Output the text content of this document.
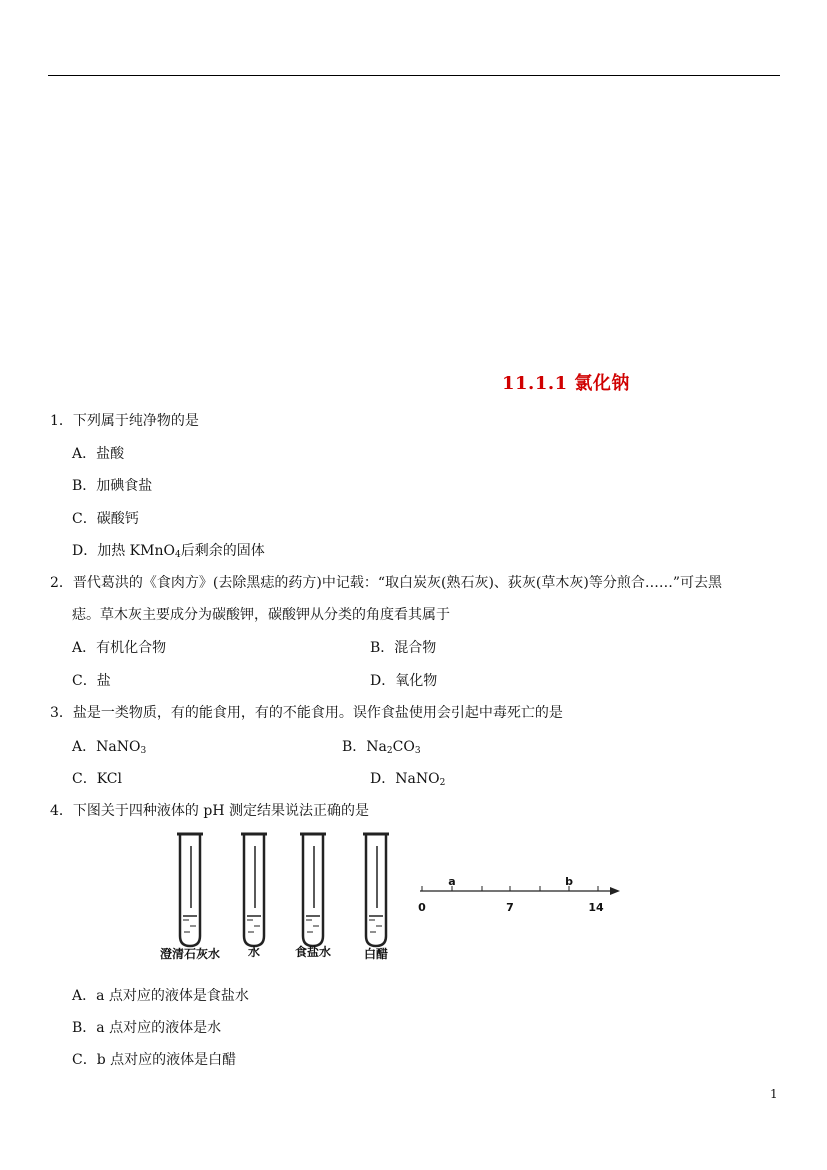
11.1.1 氯化钠
1．下列属于纯净物的是
A．盐酸
B．加碘食盐
C．碳酸钙
D．加热 KMnO$_4$后剩余的固体
2．晋代葛洪的《食肉方》(去除黑痣的药方)中记载：“取白炭灰(熟石灰)、荻灰(草木灰)等分煎合……”可去黑
痣。草木灰主要成分为碳酸钾，碳酸钾从分类的角度看其属于
A．有机化合物	B．混合物
C．盐	D．氧化物
3．盐是一类物质，有的能食用，有的不能食用。误作食盐使用会引起中毒死亡的是
A．NaNO$_3$	B．$Na_2CO_3$
C．KCl	D．NaNO$_2$
4．下图关于四种液体的 pH 测定结果说法正确的是
澄清石灰水 水	食盐水	白醋
a	b
0	7	14
A．a 点对应的液体是食盐水
B．a 点对应的液体是水
C．b 点对应的液体是白醋
1
